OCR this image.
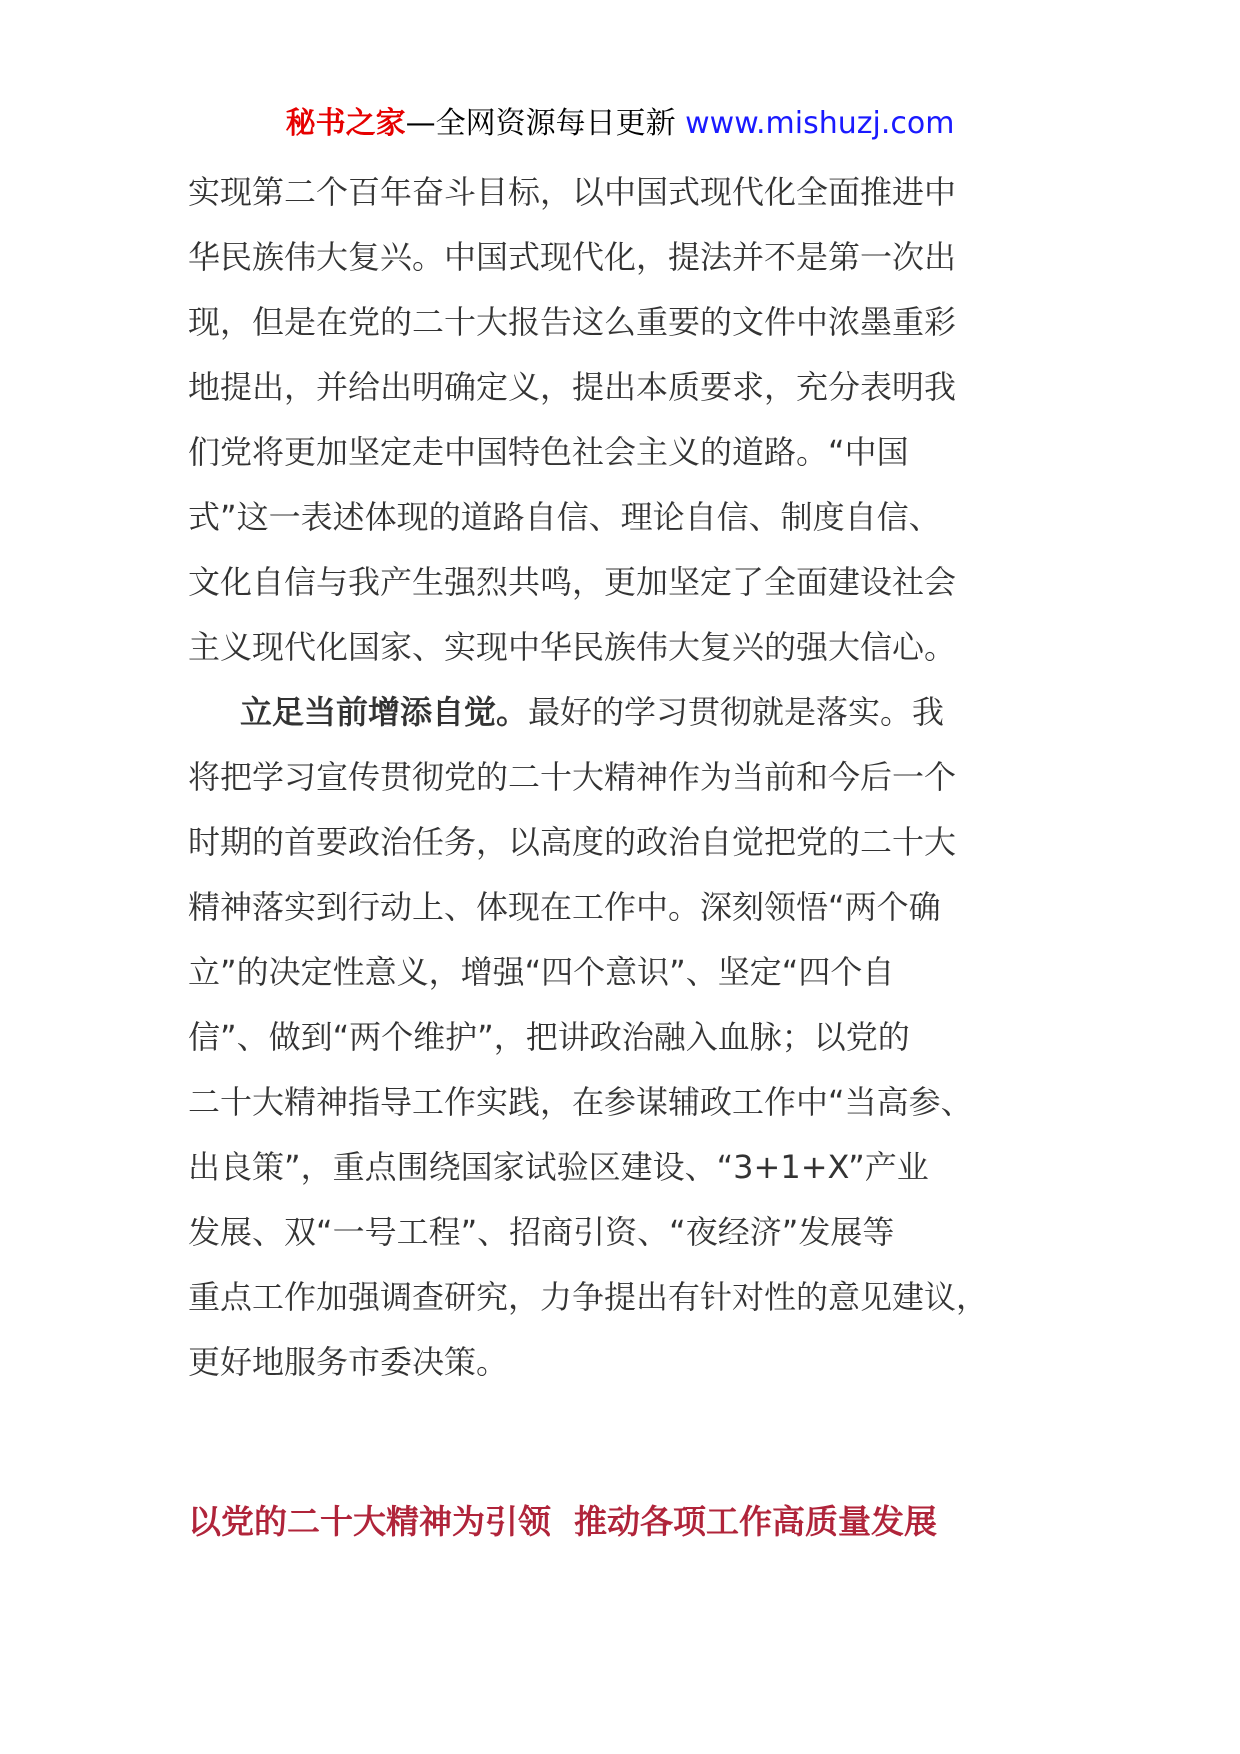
秘书之家—全网资源每日更新 www.mishuzj.com
实现第二个百年奋斗目标，以中国式现代化全面推进中
华民族伟大复兴。中国式现代化，提法并不是第一次出
现，但是在党的二十大报告这么重要的文件中浓墨重彩
地提出，并给出明确定义，提出本质要求，充分表明我
们党将更加坚定走中国特色社会主义的道路。“中国
式”这一表述体现的道路自信、理论自信、制度自信、
文化自信与我产生强烈共鸣，更加坚定了全面建设社会
主义现代化国家、实现中华民族伟大复兴的强大信心。
立足当前增添自觉。最好的学习贯彻就是落实。我
将把学习宣传贯彻党的二十大精神作为当前和今后一个
时期的首要政治任务，以高度的政治自觉把党的二十大
精神落实到行动上、体现在工作中。深刻领悟“两个确
立”的决定性意义，增强“四个意识”、坚定“四个自
信”、做到“两个维护”，把讲政治融入血脉；以党的
二十大精神指导工作实践，在参谋辅政工作中“当高参、
出良策”，重点围绕国家试验区建设、“3+1+X”产业
发展、双“一号工程”、招商引资、“夜经济”发展等
重点工作加强调查研究，力争提出有针对性的意见建议，
更好地服务市委决策。
以党的二十大精神为引领  推动各项工作高质量发展
